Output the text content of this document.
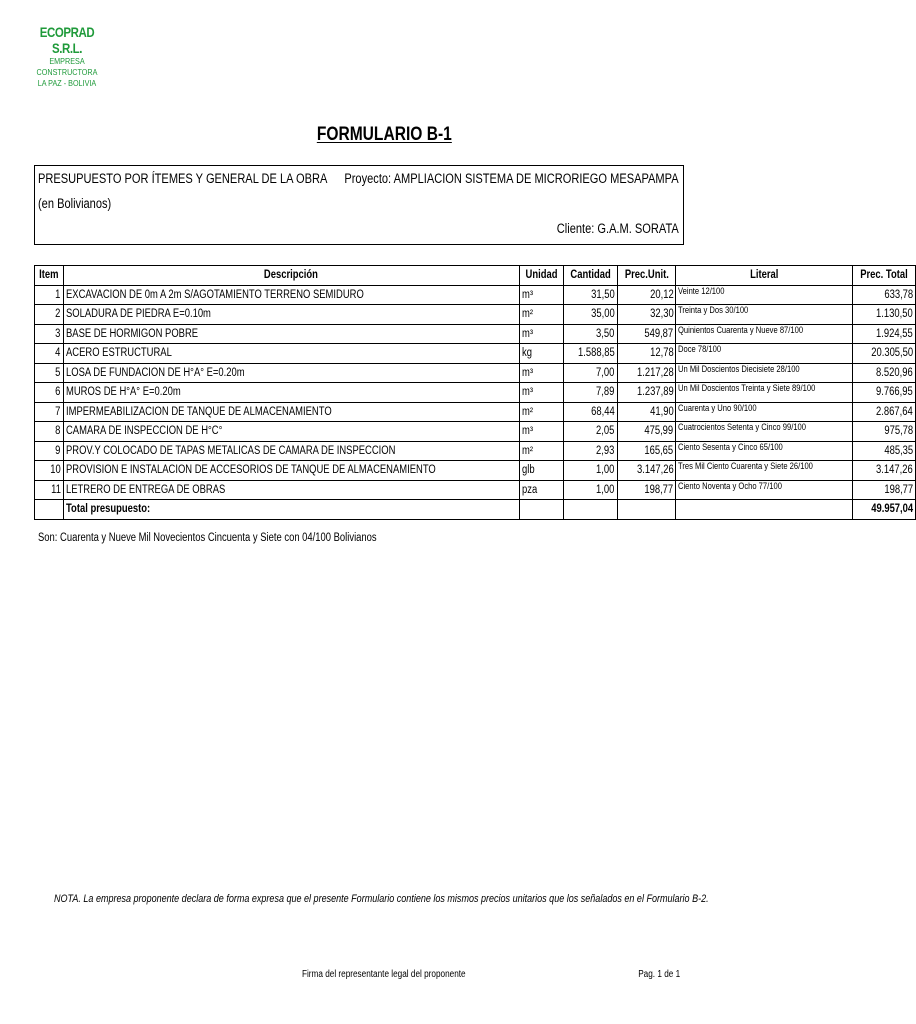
ECOPRAD S.R.L.
EMPRESA CONSTRUCTORA
LA PAZ - BOLIVIA
FORMULARIO B-1
PRESUPUESTO POR ÍTEMES Y GENERAL DE LA OBRA
(en Bolivianos)
Proyecto: AMPLIACION SISTEMA DE MICRORIEGO MESAPAMPA
Cliente: G.A.M. SORATA
Item	Descripción	Unidad	Cantidad	Prec.Unit.	Literal	Prec. Total
1	EXCAVACION DE 0m A 2m S/AGOTAMIENTO TERRENO SEMIDURO	m³	31,50	20,12	Veinte 12/100	633,78
2	SOLADURA DE PIEDRA E=0.10m	m²	35,00	32,30	Treinta y Dos 30/100	1.130,50
3	BASE DE HORMIGON POBRE	m³	3,50	549,87	Quinientos Cuarenta y Nueve 87/100	1.924,55
4	ACERO ESTRUCTURAL	kg	1.588,85	12,78	Doce 78/100	20.305,50
5	LOSA DE FUNDACION DE H°A° E=0.20m	m³	7,00	1.217,28	Un Mil Doscientos Diecisiete 28/100	8.520,96
6	MUROS DE H°A° E=0.20m	m³	7,89	1.237,89	Un Mil Doscientos Treinta y Siete 89/100	9.766,95
7	IMPERMEABILIZACION DE TANQUE DE ALMACENAMIENTO	m²	68,44	41,90	Cuarenta y Uno 90/100	2.867,64
8	CAMARA DE INSPECCION DE H°C°	m³	2,05	475,99	Cuatrocientos Setenta y Cinco 99/100	975,78
9	PROV.Y COLOCADO DE TAPAS METALICAS DE CAMARA DE INSPECCION	m²	2,93	165,65	Ciento Sesenta y Cinco 65/100	485,35
10	PROVISION E INSTALACION DE ACCESORIOS DE TANQUE DE ALMACENAMIENTO	glb	1,00	3.147,26	Tres Mil Ciento Cuarenta y Siete 26/100	3.147,26
11	LETRERO DE ENTREGA DE OBRAS	pza	1,00	198,77	Ciento Noventa y Ocho 77/100	198,77
	Total presupuesto:					49.957,04
Son: Cuarenta y Nueve Mil Novecientos Cincuenta y Siete con 04/100 Bolivianos
NOTA. La empresa proponente declara de forma expresa que el presente Formulario contiene los mismos precios unitarios que los señalados en el Formulario B-2.
Firma del representante legal del proponente	Pag. 1 de 1
